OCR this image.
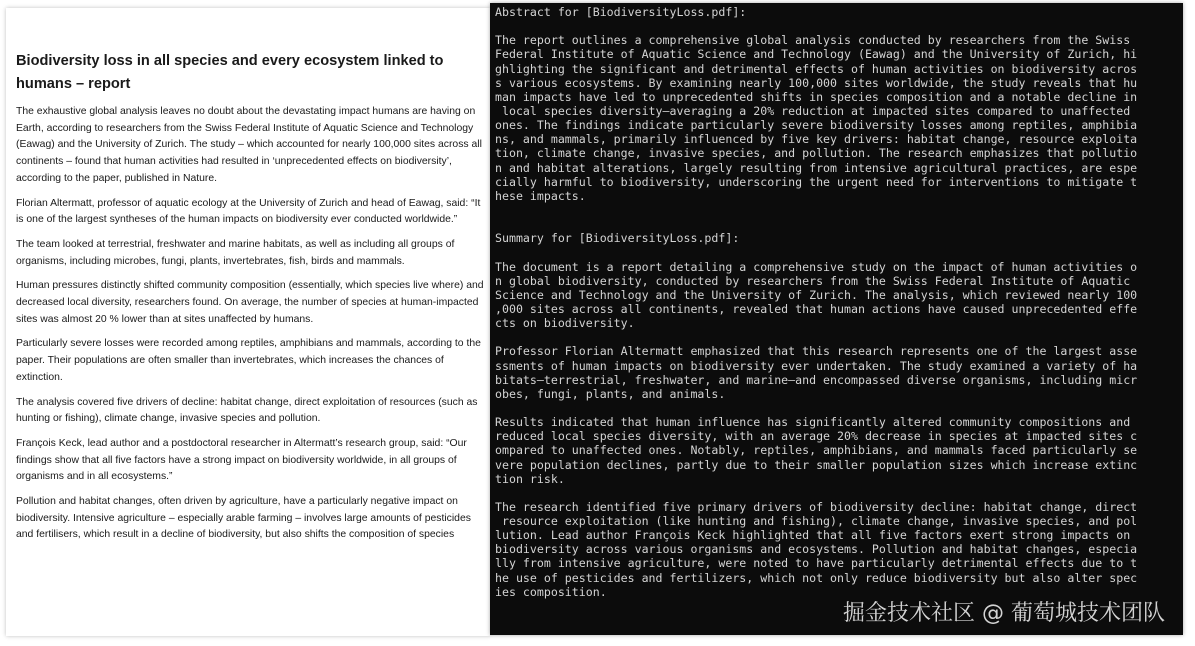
Biodiversity loss in all species and every ecosystem linked to humans – report

The exhaustive global analysis leaves no doubt about the devastating impact humans are having on Earth, according to researchers from the Swiss Federal Institute of Aquatic Science and Technology (Eawag) and the University of Zurich. The study – which accounted for nearly 100,000 sites across all continents – found that human activities had resulted in ‘unprecedented effects on biodiversity’, according to the paper, published in Nature.

Florian Altermatt, professor of aquatic ecology at the University of Zurich and head of Eawag, said: “It is one of the largest syntheses of the human impacts on biodiversity ever conducted worldwide.”

The team looked at terrestrial, freshwater and marine habitats, as well as including all groups of organisms, including microbes, fungi, plants, invertebrates, fish, birds and mammals.

Human pressures distinctly shifted community composition (essentially, which species live where) and decreased local diversity, researchers found. On average, the number of species at human-impacted sites was almost 20 % lower than at sites unaffected by humans.

Particularly severe losses were recorded among reptiles, amphibians and mammals, according to the paper. Their populations are often smaller than invertebrates, which increases the chances of extinction.

The analysis covered five drivers of decline: habitat change, direct exploitation of resources (such as hunting or fishing), climate change, invasive species and pollution.

François Keck, lead author and a postdoctoral researcher in Altermatt’s research group, said: “Our findings show that all five factors have a strong impact on biodiversity worldwide, in all groups of organisms and in all ecosystems.”

Pollution and habitat changes, often driven by agriculture, have a particularly negative impact on biodiversity. Intensive agriculture – especially arable farming – involves large amounts of pesticides and fertilisers, which result in a decline of biodiversity, but also shifts the composition of species

Abstract for [BiodiversityLoss.pdf]:
The report outlines a comprehensive global analysis conducted by researchers from the Swiss
Federal Institute of Aquatic Science and Technology (Eawag) and the University of Zurich, hi
ghlighting the significant and detrimental effects of human activities on biodiversity acros
s various ecosystems. By examining nearly 100,000 sites worldwide, the study reveals that hu
man impacts have led to unprecedented shifts in species composition and a notable decline in
local species diversity—averaging a 20% reduction at impacted sites compared to unaffected
ones. The findings indicate particularly severe biodiversity losses among reptiles, amphibia
ns, and mammals, primarily influenced by five key drivers: habitat change, resource exploita
tion, climate change, invasive species, and pollution. The research emphasizes that pollutio
n and habitat alterations, largely resulting from intensive agricultural practices, are espe
cially harmful to biodiversity, underscoring the urgent need for interventions to mitigate t
hese impacts.
Summary for [BiodiversityLoss.pdf]:
The document is a report detailing a comprehensive study on the impact of human activities o
n global biodiversity, conducted by researchers from the Swiss Federal Institute of Aquatic
Science and Technology and the University of Zurich. The analysis, which reviewed nearly 100
,000 sites across all continents, revealed that human actions have caused unprecedented effe
cts on biodiversity.
Professor Florian Altermatt emphasized that this research represents one of the largest asse
ssments of human impacts on biodiversity ever undertaken. The study examined a variety of ha
bitats—terrestrial, freshwater, and marine—and encompassed diverse organisms, including micr
obes, fungi, plants, and animals.
Results indicated that human influence has significantly altered community compositions and
reduced local species diversity, with an average 20% decrease in species at impacted sites c
ompared to unaffected ones. Notably, reptiles, amphibians, and mammals faced particularly se
vere population declines, partly due to their smaller population sizes which increase extinc
tion risk.
The research identified five primary drivers of biodiversity decline: habitat change, direct
resource exploitation (like hunting and fishing), climate change, invasive species, and pol
lution. Lead author François Keck highlighted that all five factors exert strong impacts on
biodiversity across various organisms and ecosystems. Pollution and habitat changes, especia
lly from intensive agriculture, were noted to have particularly detrimental effects due to t
he use of pesticides and fertilizers, which not only reduce biodiversity but also alter spec
ies composition.
掘金技术社区 @ 葡萄城技术团队
